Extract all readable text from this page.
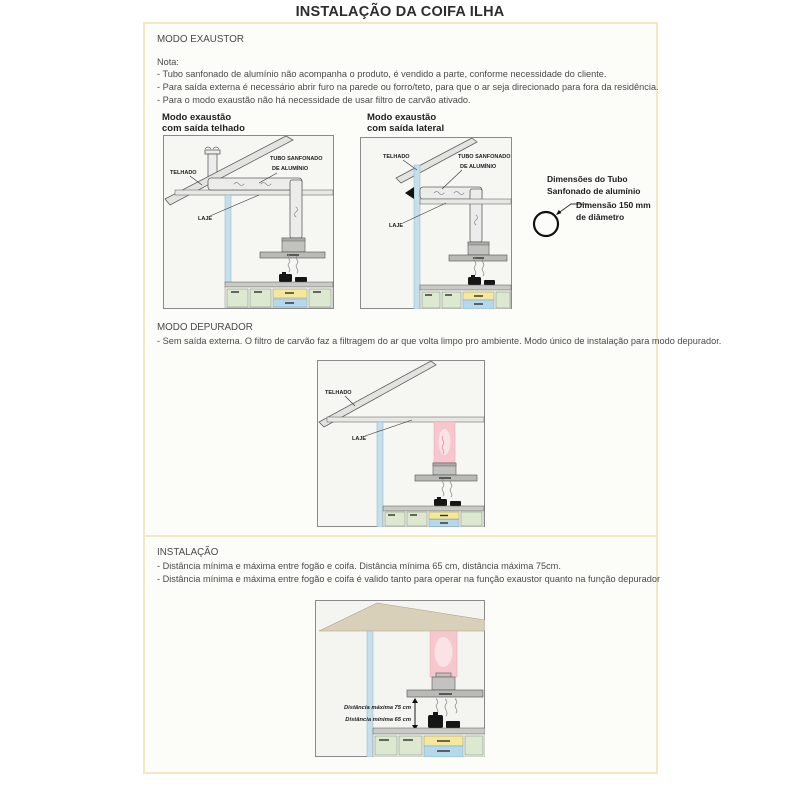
INSTALAÇÃO DA COIFA ILHA
MODO EXAUSTOR
Nota:
- Tubo sanfonado de alumínio não acompanha o produto, é vendido a parte, conforme necessidade do cliente.
- Para saída externa é necessário abrir furo na parede ou forro/teto, para que o ar seja direcionado para fora da residência.
- Para o modo exaustão não há necessidade de usar filtro de carvão ativado.
Modo exaustão
com saída telhado
TELHADO
TUBO SANFONADO
DE ALUMÍNIO
LAJE
Modo exaustão
com saída lateral
TELHADO	TUBO SANFONADO
DE ALUMÍNIO
LAJE
Dimensões do Tubo
Sanfonado de alumínio
Dimensão 150 mm
de diâmetro
MODO DEPURADOR
- Sem saída externa. O filtro de carvão faz a filtragem do ar que volta limpo pro ambiente. Modo único de instalação para modo depurador.
TELHADO
LAJE
INSTALAÇÃO
- Distância mínima e máxima entre fogão e coifa. Distância mínima 65 cm, distância máxima 75cm.
- Distância mínima e máxima entre fogão e coifa é valido tanto para operar na função exaustor quanto na função depurador
Distância máxima 75 cm
Distância mínima 65 cm
